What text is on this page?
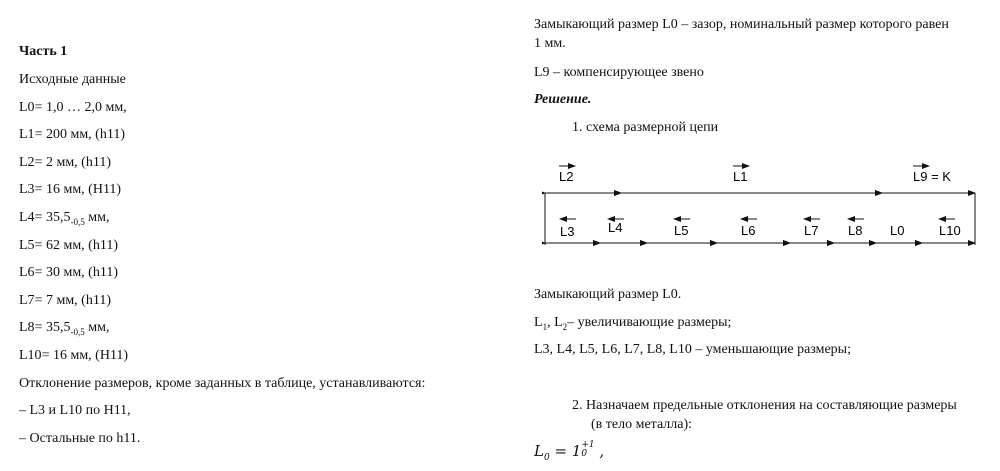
Часть 1
Исходные данные
L0= 1,0 … 2,0 мм,
L1= 200 мм, (h11)
L2= 2 мм, (h11)
L3= 16 мм, (H11)
$L4= 35,5_{-0,5}$ мм,
L5= 62 мм, (h11)
L6= 30 мм, (h11)
L7= 7 мм, (h11)
$L8= 35,5_{-0,5}$ мм,
L10= 16 мм, (H11)
Отклонение размеров, кроме заданных в таблице, устанавливаются:
– L3 и L10 по H11,
– Остальные по h11.
Замыкающий размер L0 – зазор, номинальный размер которого равен
1 мм.
L9 – компенсирующее звено
Решение.
1. схема размерной цепи
L2	L1	L9 = K
L3	L4	L5	L6	L7 L8 L0	L10
Замыкающий размер L0.
$L_1$, $L_2-$ увеличивающие размеры;
L3, L4, L5, L6, L7, L8, L10 – уменьшающие размеры;
2. Назначаем предельные отклонения на составляющие размеры
(в тело металла):
$L_0 = 1 +1$
0 ,
